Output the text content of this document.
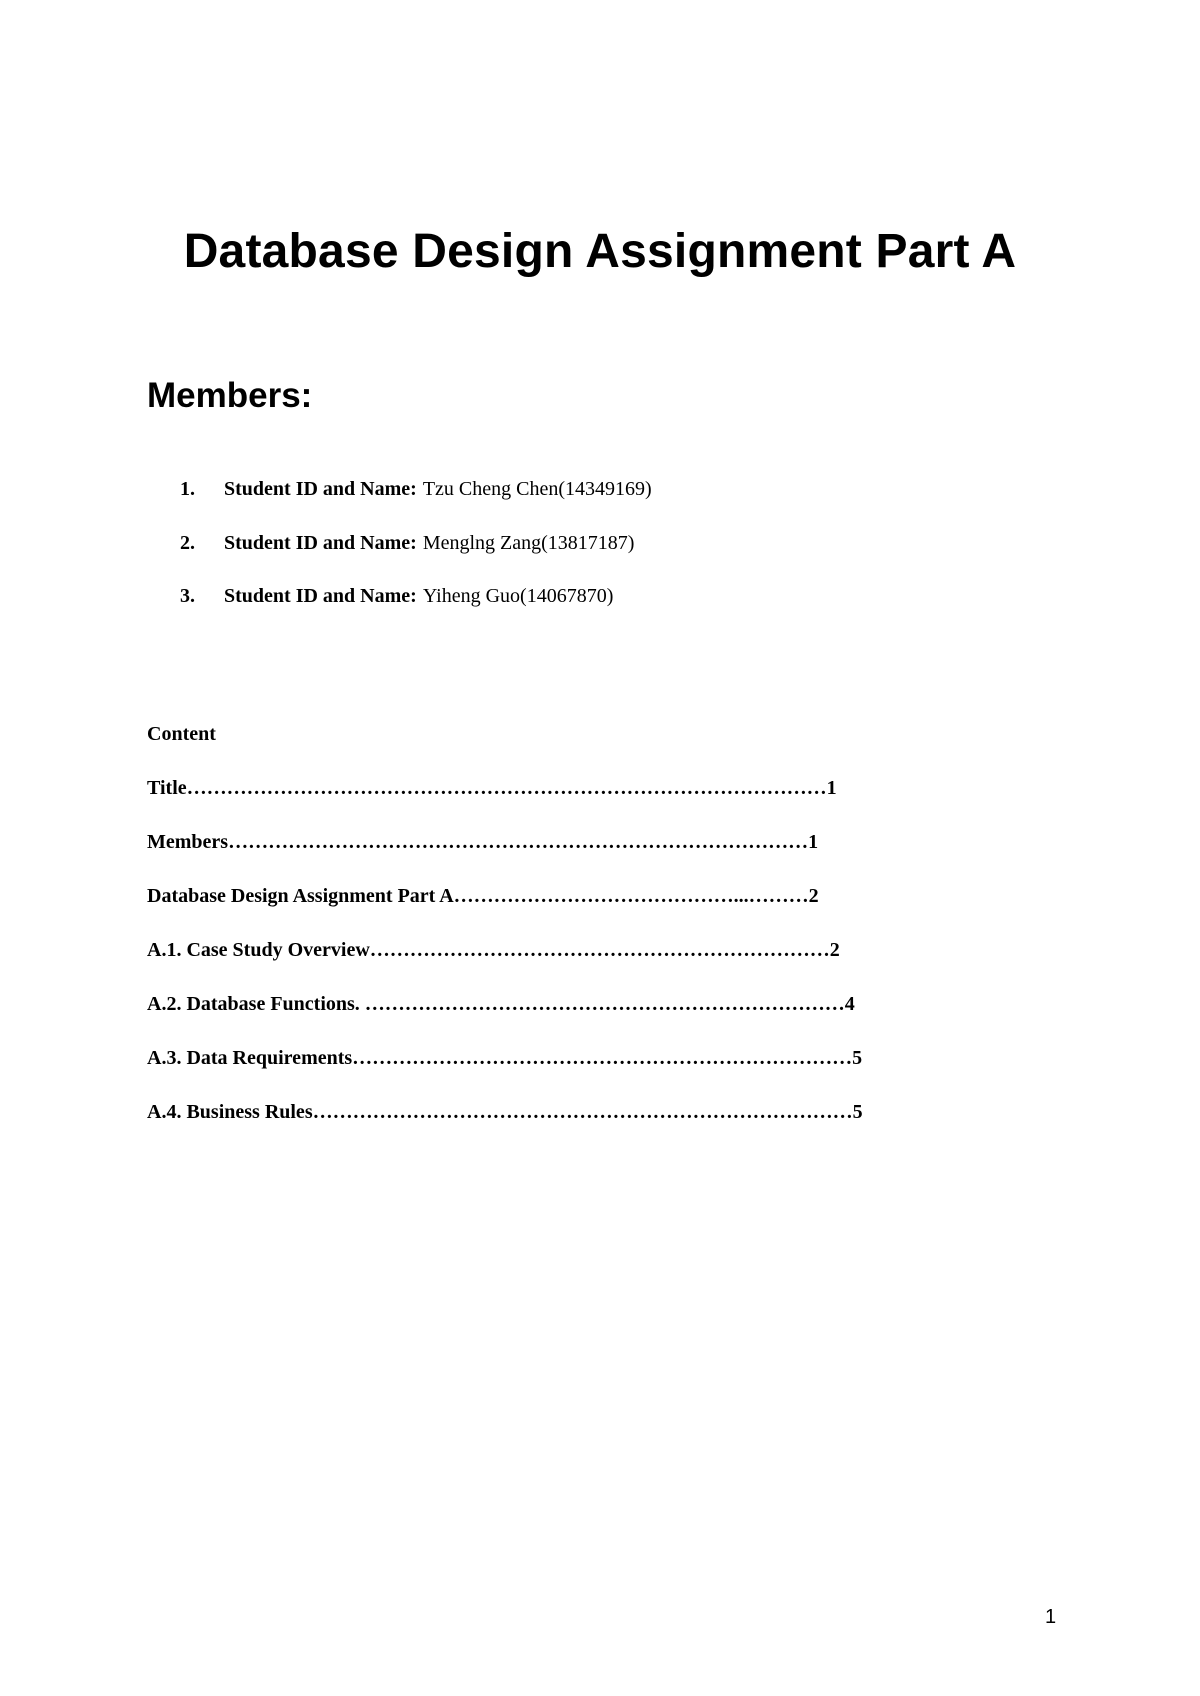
Database Design Assignment Part A
Members:
1.	Student ID and Name: Tzu Cheng Chen(14349169)
2.	Student ID and Name: Menglng Zang(13817187)
3.	Student ID and Name: Yiheng Guo(14067870)
Content
Title……………………………………………………………………………………1
Members……………………………………………………………………………1
Database Design Assignment Part A……………………………………...………2
A.1. Case Study Overview……………………………………………………………2
A.2. Database Functions. ………………………………………………………………4
A.3. Data Requirements…………………………………………………………………5
A.4. Business Rules………………………………………………………………………5
1
